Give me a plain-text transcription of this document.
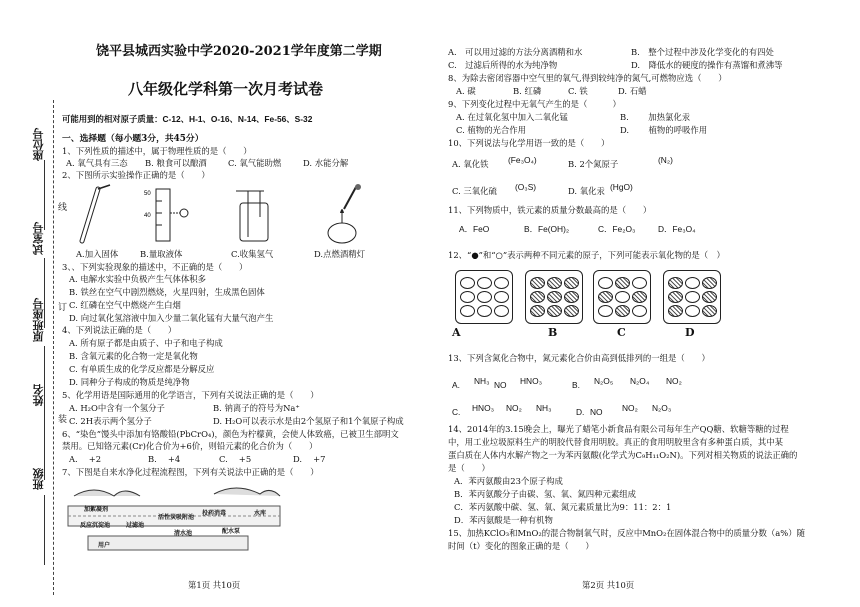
座位号
试室号
原班座号
姓名
班级
线
订
装
饶平县城西实验中学2020-2021学年度第二学期
八年级化学科第一次月考试卷
可能用到的相对原子质量：C-12、H-1、O-16、N-14、Fe-56、S-32
一、选择题（每小题3分，共45分）
1、下列性质的描述中，属于物理性质的是（　　）
A. 氧气具有三态 B. 粮食可以酿酒	C. 氧气能助燃	D. 水能分解
2、下图所示实验操作正确的是（　　）
50
40
A.加入固体	B.量取液体	C.收集氢气	D.点燃酒精灯
3、、下列实验现象的描述中，不正确的是（　　）
A. 电解水实验中负极产生气体体积多
B. 铁丝在空气中剧烈燃烧，火星四射，生成黑色固体
C. 红磷在空气中燃烧产生白烟
D. 向过氧化氢溶液中加入少量二氧化锰有大量气泡产生
4、下列说法正确的是（　　）
A. 所有原子都是由质子、中子和电子构成
B. 含氧元素的化合物一定是氧化物
C. 有单质生成的化学反应都是分解反应
D. 同种分子构成的物质是纯净物
5、化学用语是国际通用的化学语言，下列有关说法正确的是（　　）
A. H₂O中含有一个氢分子	B. 钠离子的符号为Na⁺
C. 2H表示两个氢分子	D. H₂O可以表示水是由2个氢原子和1个氧原子构成
6、“染色”馒头中添加有铬酸铅(PbCrO₄)，颜色为柠檬黄，会使人体致癌，已被卫生部明文
禁用。已知铬元素(Cr)化合价为+6价，则铅元素的化合价为（　　）
A. 　+2	B. 　+4	C. 　+5	D. 　+7
7、下图是自来水净化过程流程图，下列有关说法中正确的是（　　）
加絮凝剂
反应沉淀池	过滤池
活性炭吸附池
清水池
投药消毒
配水泵
用户
水库
第1页 共10页
A.　可以用过滤的方法分离酒精和水	B.　整个过程中涉及化学变化的有四处
C.　过滤后所得的水为纯净物	D.　降低水的硬度的操作有蒸馏和煮沸等
8、为除去密闭容器中空气里的氧气,得到较纯净的氮气,可燃物应选（　　）
A. 碳	B. 红磷	C. 铁	D. 石蜡
9、下列变化过程中无氧气产生的是（　　　）
A. 在过氧化氢中加入二氧化锰	B. 　　加热氯化汞
C. 植物的光合作用	D. 　　植物的呼吸作用
10、下列说法与化学用语一致的是（　　）
A. 氧化铁 (Fe₃O₄)	B. 2个氮原子	(N₂)
C. 三氧化硫 (O₃S)	D. 氧化汞 (HgO)
11、下列物质中，铁元素的质量分数最高的是（　　）
A．FeO	B．Fe(OH)₂	C．Fe₂O₃	D．Fe₃O₄
12、“●”和“○”表示两种不同元素的原子，下列可能表示氧化物的是（　）
A	B	C	D
13、下列含氮化合物中，氮元素化合价由高到低排列的一组是（　　）
A. NH₃ NO HNO₃	B. N₂O₅ N₂O₄ NO₂
C. HNO₃ NO₂ NH₃	D. NO NO₂ N₂O₃
14、2014年的3.15晚会上，曝光了蜡笔小新食品有限公司每年生产QQ糖、软糖等糖的过程
中，用工业垃圾原料生产的明胶代替食用明胶。真正的食用明胶里含有多种蛋白质，其中某
蛋白质在人体内水解产物之一为苯丙氨酸(化学式为C₉H₁₁O₂N)。下列对相关物质的说法正确的
是（　　）
A．苯丙氨酸由23个原子构成
B．苯丙氨酸分子由碳、氢、氧、氮四种元素组成
C．苯丙氨酸中碳、氢、氧、氮元素质量比为9：11：2：1
D．苯丙氨酸是一种有机物
15、加热KClO₃和MnO₂的混合物制氧气时，反应中MnO₂在固体混合物中的质量分数（a%）随
时间（t）变化的图象正确的是（　　）
第2页 共10页
